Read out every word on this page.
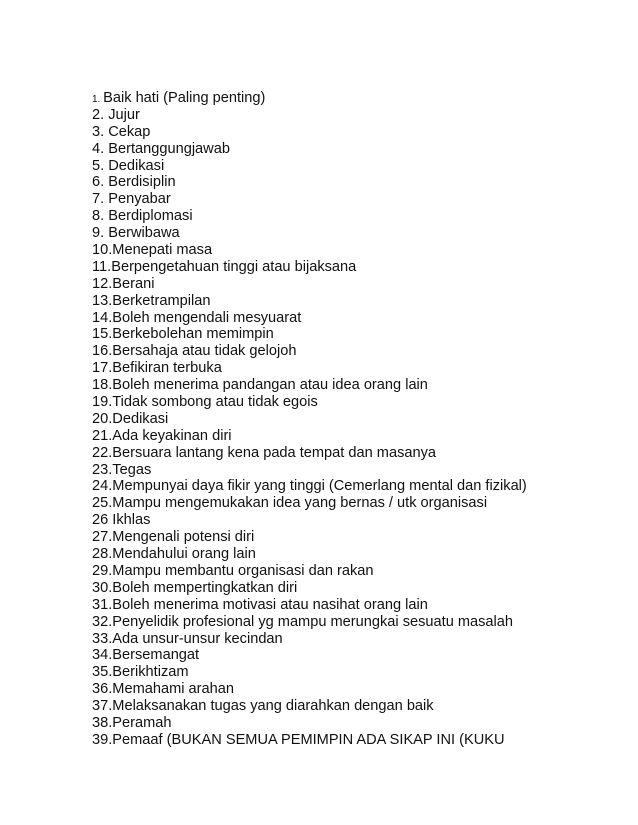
1. Baik hati (Paling penting)
2. Jujur
3. Cekap
4. Bertanggungjawab
5. Dedikasi
6. Berdisiplin
7. Penyabar
8. Berdiplomasi
9. Berwibawa
10.Menepati masa
11.Berpengetahuan tinggi atau bijaksana
12.Berani
13.Berketrampilan
14.Boleh mengendali mesyuarat
15.Berkebolehan memimpin
16.Bersahaja atau tidak gelojoh
17.Befikiran terbuka
18.Boleh menerima pandangan atau idea orang lain
19.Tidak sombong atau tidak egois
20.Dedikasi
21.Ada keyakinan diri
22.Bersuara lantang kena pada tempat dan masanya
23.Tegas
24.Mempunyai daya fikir yang tinggi (Cemerlang mental dan fizikal)
25.Mampu mengemukakan idea yang bernas / utk organisasi
26 Ikhlas
27.Mengenali potensi diri
28.Mendahului orang lain
29.Mampu membantu organisasi dan rakan
30.Boleh mempertingkatkan diri
31.Boleh menerima motivasi atau nasihat orang lain
32.Penyelidik profesional yg mampu merungkai sesuatu masalah
33.Ada unsur-unsur kecindan
34.Bersemangat
35.Berikhtizam
36.Memahami arahan
37.Melaksanakan tugas yang diarahkan dengan baik
38.Peramah
39.Pemaaf (BUKAN SEMUA PEMIMPIN ADA SIKAP INI (KUKU
